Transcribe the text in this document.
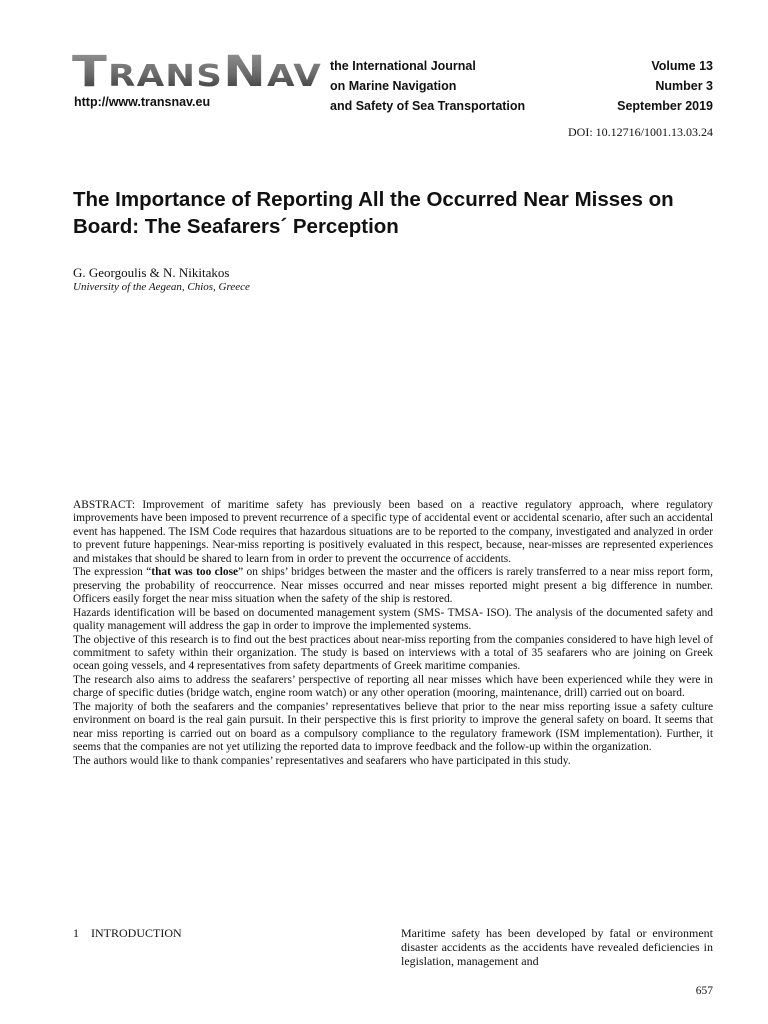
TransNav
http://www.transnav.eu
the International Journal
on Marine Navigation
and Safety of Sea Transportation
Volume 13
Number 3
September 2019
DOI: 10.12716/1001.13.03.24
The Importance of Reporting All the Occurred Near Misses on Board: The Seafarers´ Perception
G. Georgoulis & N. Nikitakos
University of the Aegean, Chios, Greece

ABSTRACT: Improvement of maritime safety has previously been based on a reactive regulatory approach, where regulatory improvements have been imposed to prevent recurrence of a specific type of accidental event or accidental scenario, after such an accidental event has happened. The ISM Code requires that hazardous situations are to be reported to the company, investigated and analyzed in order to prevent future happenings. Near-miss reporting is positively evaluated in this respect, because, near-misses are represented experiences and mistakes that should be shared to learn from in order to prevent the occurrence of accidents.

The expression “that was too close” on ships’ bridges between the master and the officers is rarely transferred to a near miss report form, preserving the probability of reoccurrence. Near misses occurred and near misses reported might present a big difference in number. Officers easily forget the near miss situation when the safety of the ship is restored.

Hazards identification will be based on documented management system (SMS- TMSA- ISO). The analysis of the documented safety and quality management will address the gap in order to improve the implemented systems.

The objective of this research is to find out the best practices about near-miss reporting from the companies considered to have high level of commitment to safety within their organization. The study is based on interviews with a total of 35 seafarers who are joining on Greek ocean going vessels, and 4 representatives from safety departments of Greek maritime companies.

The research also aims to address the seafarers’ perspective of reporting all near misses which have been experienced while they were in charge of specific duties (bridge watch, engine room watch) or any other operation (mooring, maintenance, drill) carried out on board.

The majority of both the seafarers and the companies’ representatives believe that prior to the near miss reporting issue a safety culture environment on board is the real gain pursuit. In their perspective this is first priority to improve the general safety on board. It seems that near miss reporting is carried out on board as a compulsory compliance to the regulatory framework (ISM implementation). Further, it seems that the companies are not yet utilizing the reported data to improve feedback and the follow-up within the organization.

The authors would like to thank companies’ representatives and seafarers who have participated in this study.

1 INTRODUCTION	Maritime safety has been developed by fatal or environment disaster accidents as the accidents have revealed deficiencies in legislation, management and
657
